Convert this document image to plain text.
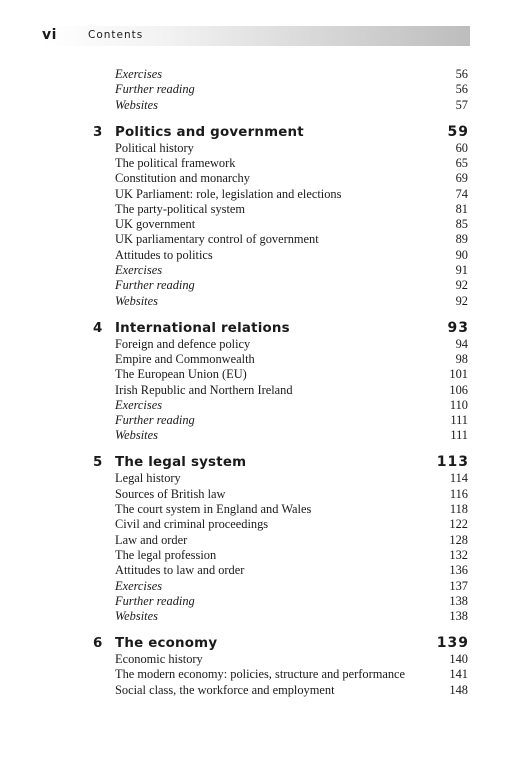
vi	Contents
Exercises	56
Further reading	56
Websites	57
3 Politics and government	59
Political history	60
The political framework	65
Constitution and monarchy	69
UK Parliament: role, legislation and elections	74
The party-political system	81
UK government	85
UK parliamentary control of government	89
Attitudes to politics	90
Exercises	91
Further reading	92
Websites	92
4 International relations	93
Foreign and defence policy	94
Empire and Commonwealth	98
The European Union (EU)	101
Irish Republic and Northern Ireland	106
Exercises	110
Further reading	111
Websites	111
5 The legal system	113
Legal history	114
Sources of British law	116
The court system in England and Wales	118
Civil and criminal proceedings	122
Law and order	128
The legal profession	132
Attitudes to law and order	136
Exercises	137
Further reading	138
Websites	138
6 The economy	139
Economic history	140
The modern economy: policies, structure and performance	141
Social class, the workforce and employment	148
